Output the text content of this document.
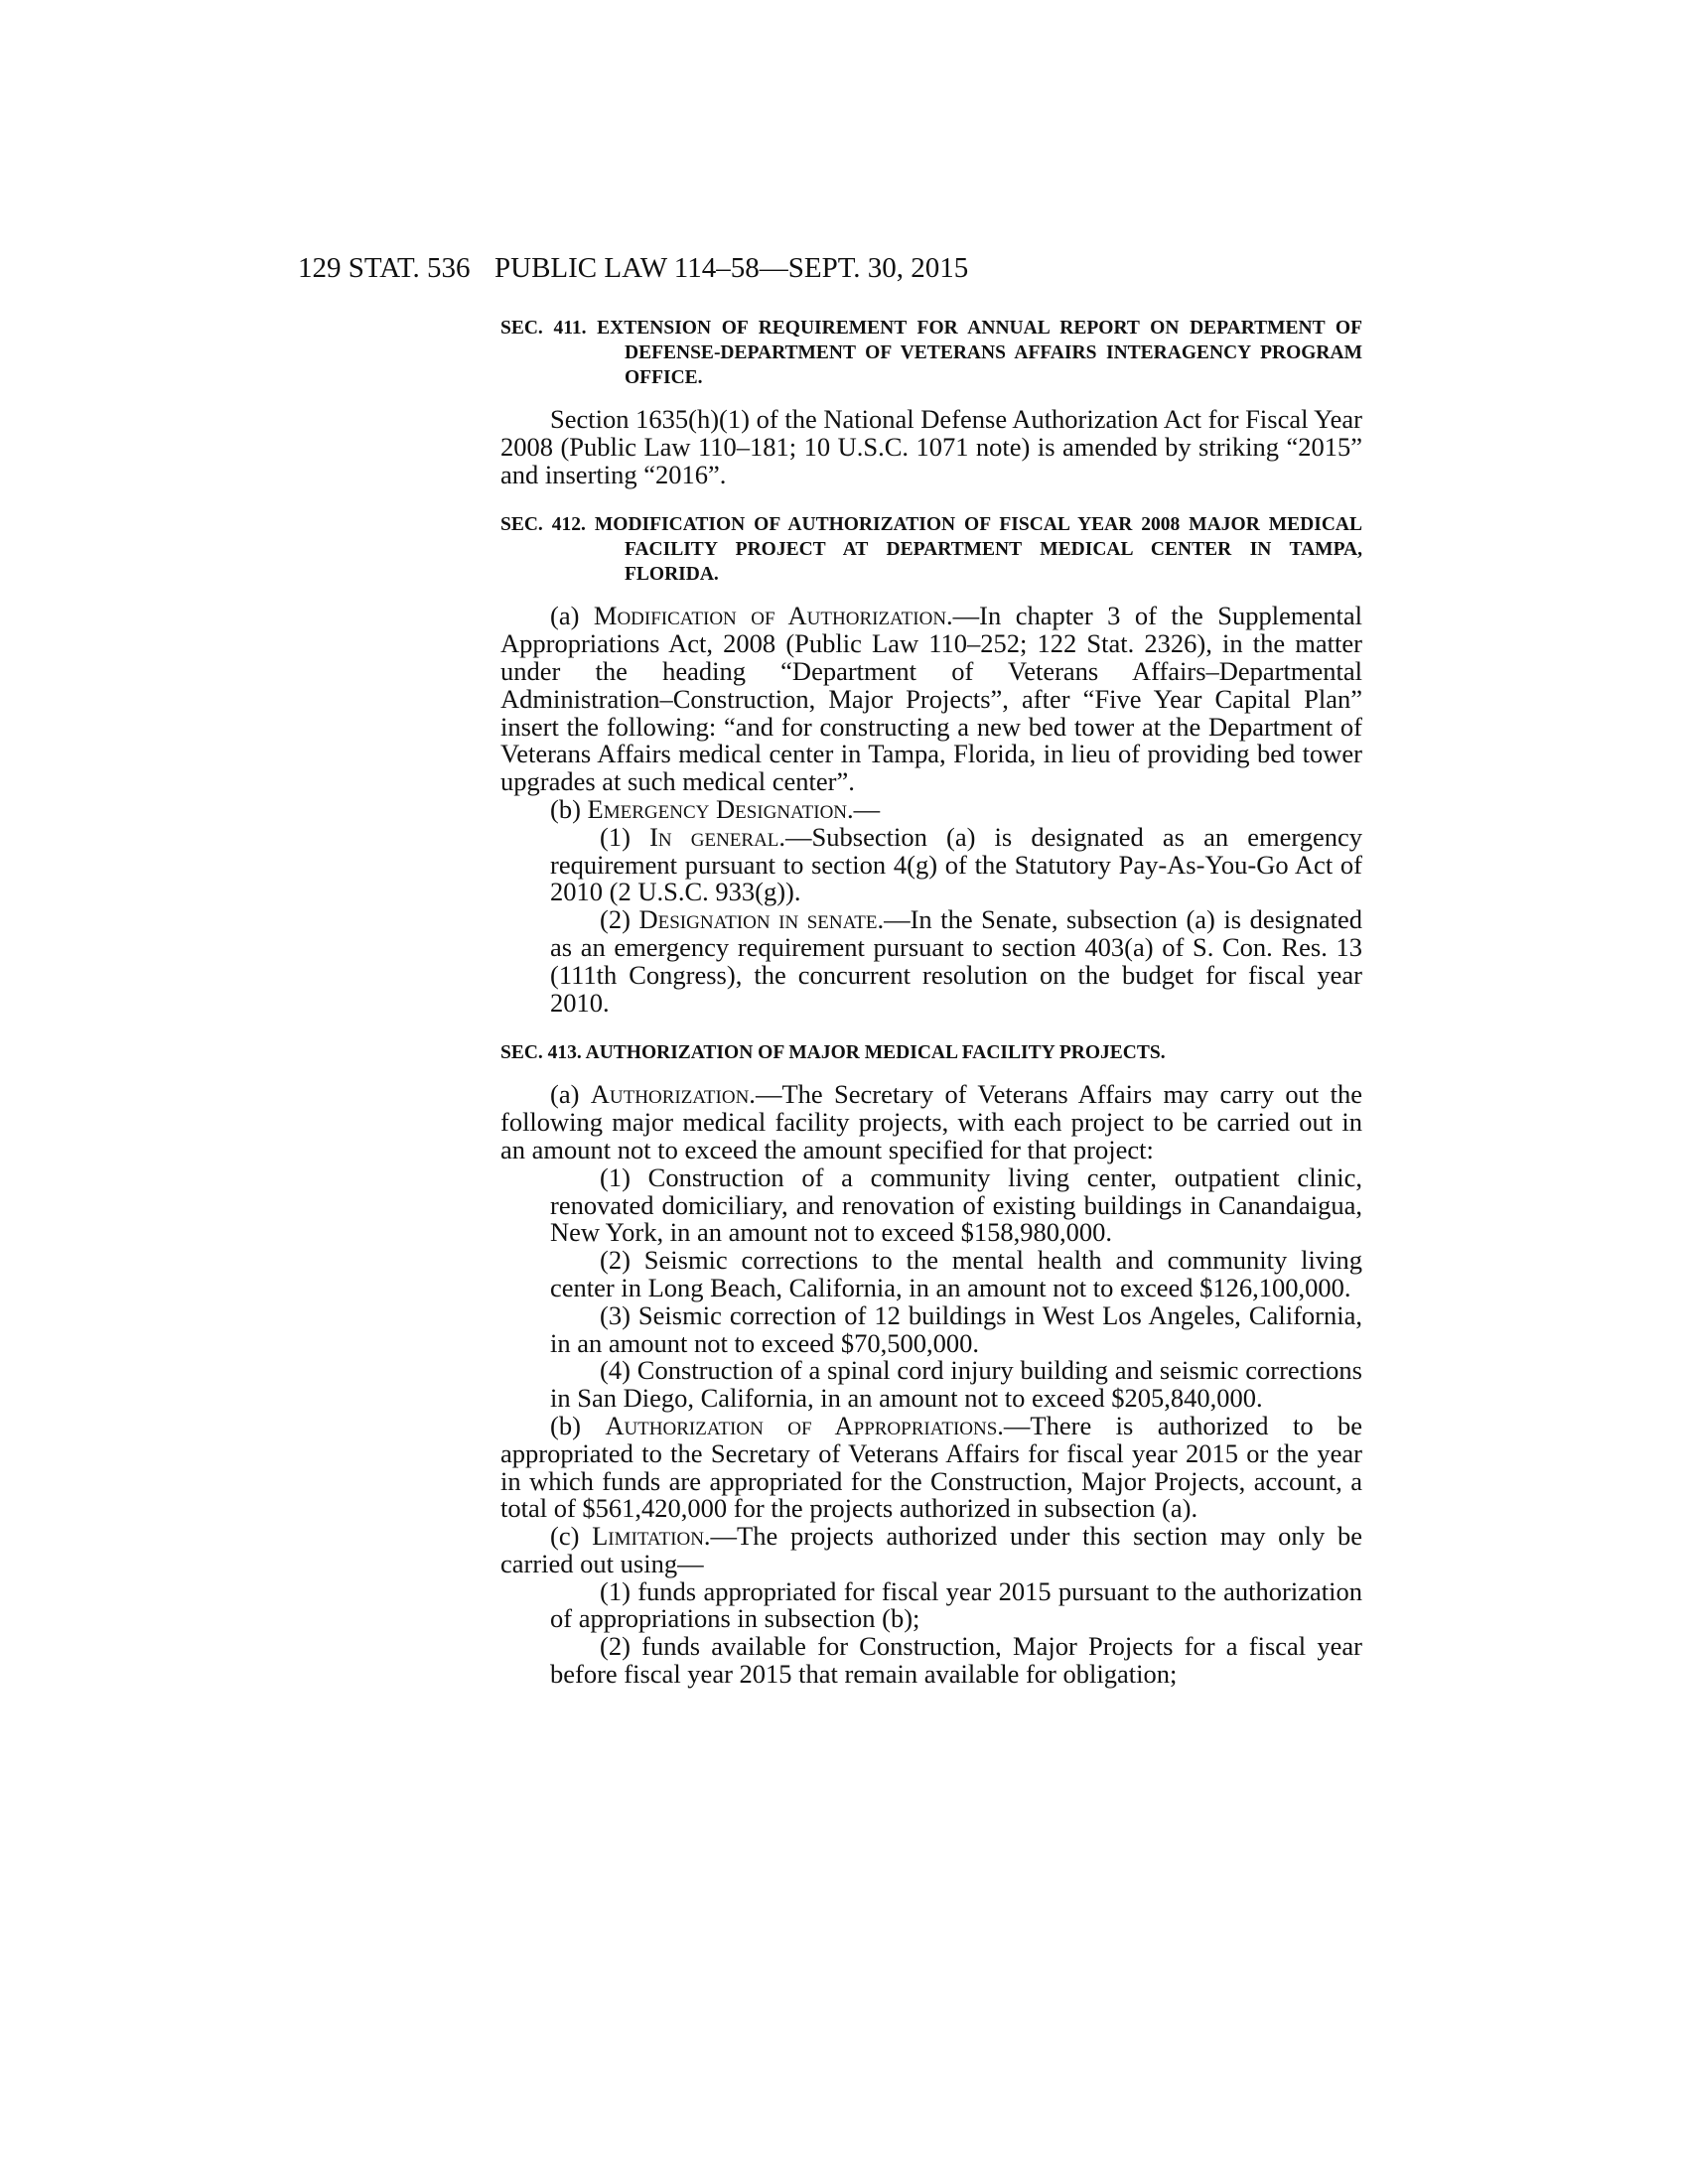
129 STAT. 536 PUBLIC LAW 114–58—SEPT. 30, 2015

SEC. 411. EXTENSION OF REQUIREMENT FOR ANNUAL REPORT ON DEPARTMENT OF DEFENSE-DEPARTMENT OF VETERANS AFFAIRS INTERAGENCY PROGRAM OFFICE.

Section 1635(h)(1) of the National Defense Authorization Act for Fiscal Year 2008 (Public Law 110–181; 10 U.S.C. 1071 note) is amended by striking “2015” and inserting “2016”.

SEC. 412. MODIFICATION OF AUTHORIZATION OF FISCAL YEAR 2008 MAJOR MEDICAL FACILITY PROJECT AT DEPARTMENT MEDICAL CENTER IN TAMPA, FLORIDA.

(a) Modification of Authorization.—In chapter 3 of the Supplemental Appropriations Act, 2008 (Public Law 110–252; 122 Stat. 2326), in the matter under the heading “Department of Veterans Affairs–Departmental Administration–Construction, Major Projects”, after “Five Year Capital Plan” insert the following: “and for constructing a new bed tower at the Department of Veterans Affairs medical center in Tampa, Florida, in lieu of providing bed tower upgrades at such medical center”.

(b) Emergency Designation.—

(1) In general.—Subsection (a) is designated as an emergency requirement pursuant to section 4(g) of the Statutory Pay-As-You-Go Act of 2010 (2 U.S.C. 933(g)).

(2) Designation in senate.—In the Senate, subsection (a) is designated as an emergency requirement pursuant to section 403(a) of S. Con. Res. 13 (111th Congress), the concurrent resolution on the budget for fiscal year 2010.

SEC. 413. AUTHORIZATION OF MAJOR MEDICAL FACILITY PROJECTS.

(a) Authorization.—The Secretary of Veterans Affairs may carry out the following major medical facility projects, with each project to be carried out in an amount not to exceed the amount specified for that project:

(1) Construction of a community living center, outpatient clinic, renovated domiciliary, and renovation of existing buildings in Canandaigua, New York, in an amount not to exceed $158,980,000.

(2) Seismic corrections to the mental health and community living center in Long Beach, California, in an amount not to exceed $126,100,000.

(3) Seismic correction of 12 buildings in West Los Angeles, California, in an amount not to exceed $70,500,000.

(4) Construction of a spinal cord injury building and seismic corrections in San Diego, California, in an amount not to exceed $205,840,000.

(b) Authorization of Appropriations.—There is authorized to be appropriated to the Secretary of Veterans Affairs for fiscal year 2015 or the year in which funds are appropriated for the Construction, Major Projects, account, a total of $561,420,000 for the projects authorized in subsection (a).

(c) Limitation.—The projects authorized under this section may only be carried out using—

(1) funds appropriated for fiscal year 2015 pursuant to the authorization of appropriations in subsection (b);

(2) funds available for Construction, Major Projects for a fiscal year before fiscal year 2015 that remain available for obligation;
